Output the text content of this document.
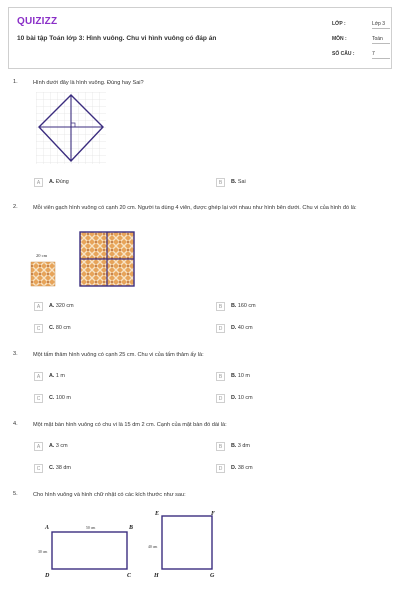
QUIZIZZ
10 bài tập Toán lớp 3: Hình vuông. Chu vi hình vuông có đáp án
LỚP :	Lớp 3
MÔN :	Toán
SỐ CÂU :	7
1.	Hình dưới đây là hình vuông. Đúng hay Sai?
A	A. Đúng	B	B. Sai
2.	Mỗi viên gạch hình vuông có cạnh 20 cm. Người ta dùng 4 viên, được ghép lại với nhau như hình bên dưới. Chu vi của hình đó là:
20 cm
A	A. 320 cm	B	B. 160 cm
C	C. 80 cm	D	D. 40 cm
3.	Một tấm thảm hình vuông có cạnh 25 cm. Chu vi của tấm thảm ấy là:
A	A. 1 m	B	B. 10 m
C	C. 100 m	D	D. 10 cm
4.	Một mặt bàn hình vuông có chu vi là 15 dm 2 cm. Cạnh của mặt bàn đó dài là:
A	A. 3 cm	B	B. 3 dm
C	C. 38 dm	D	D. 38 cm
5.	Cho hình vuông và hình chữ nhật có các kích thước như sau:
A	B
C
D
50 cm
30 cm
E	F
G
H
40 cm
